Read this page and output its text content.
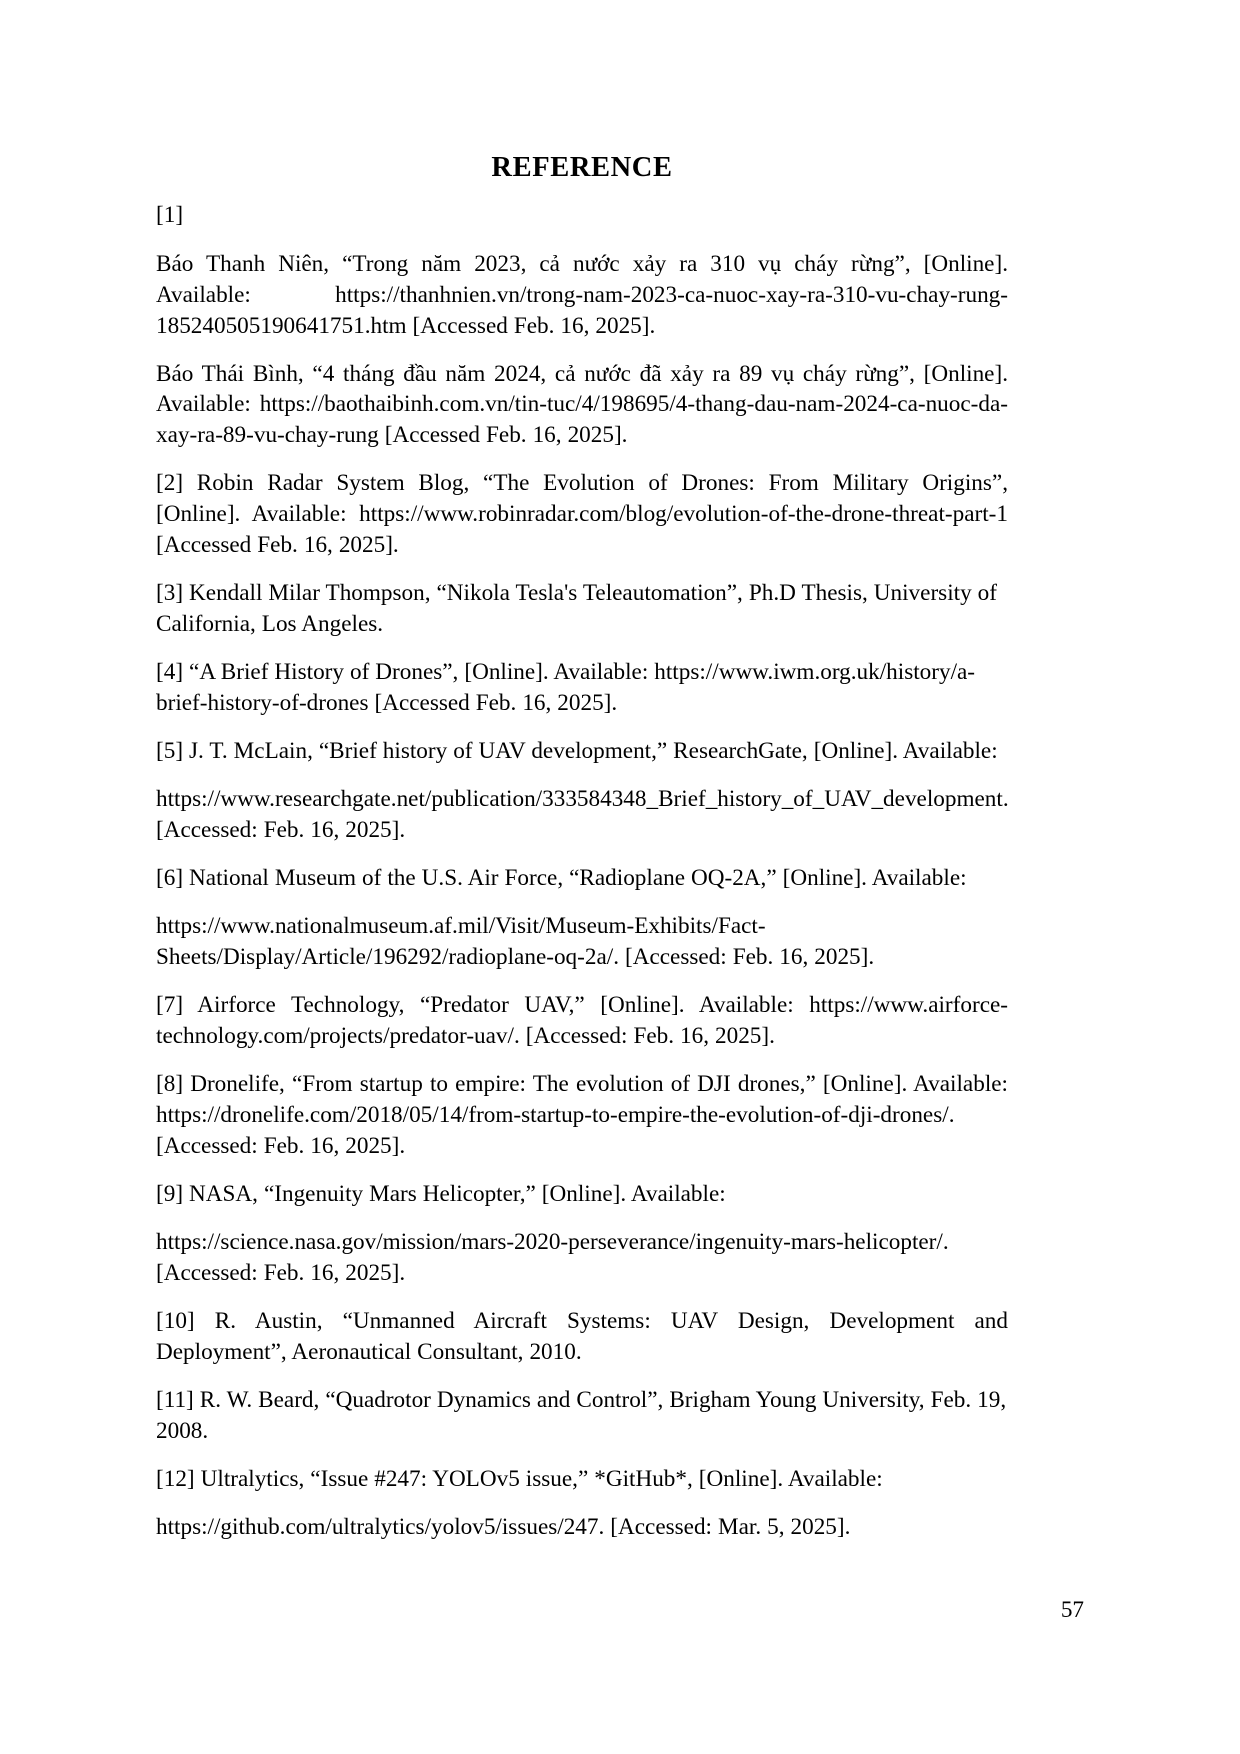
REFERENCE

[1]

Báo Thanh Niên, “Trong năm 2023, cả nước xảy ra 310 vụ cháy rừng”, [Online]. Available: https://thanhnien.vn/trong-nam-2023-ca-nuoc-xay-ra-310-vu-chay-rung-185240505190641751.htm [Accessed Feb. 16, 2025].

Báo Thái Bình, “4 tháng đầu năm 2024, cả nước đã xảy ra 89 vụ cháy rừng”, [Online]. Available: https://baothaibinh.com.vn/tin-tuc/4/198695/4-thang-dau-nam-2024-ca-nuoc-da-xay-ra-89-vu-chay-rung [Accessed Feb. 16, 2025].

[2] Robin Radar System Blog, “The Evolution of Drones: From Military Origins”, [Online]. Available: https://www.robinradar.com/blog/evolution-of-the-drone-threat-part-1 [Accessed Feb. 16, 2025].

[3] Kendall Milar Thompson, “Nikola Tesla's Teleautomation”, Ph.D Thesis, University of California, Los Angeles.

[4] “A Brief History of Drones”, [Online]. Available: https://www.iwm.org.uk/history/a-brief-history-of-drones [Accessed Feb. 16, 2025].

[5] J. T. McLain, “Brief history of UAV development,” ResearchGate, [Online]. Available:

https://www.researchgate.net/publication/333584348_Brief_history_of_UAV_development. [Accessed: Feb. 16, 2025].

[6] National Museum of the U.S. Air Force, “Radioplane OQ-2A,” [Online]. Available:

https://www.nationalmuseum.af.mil/Visit/Museum-Exhibits/Fact-Sheets/Display/Article/196292/radioplane-oq-2a/. [Accessed: Feb. 16, 2025].

[7] Airforce Technology, “Predator UAV,” [Online]. Available: https://www.airforce-technology.com/projects/predator-uav/. [Accessed: Feb. 16, 2025].

[8] Dronelife, “From startup to empire: The evolution of DJI drones,” [Online]. Available: https://dronelife.com/2018/05/14/from-startup-to-empire-the-evolution-of-dji-drones/. [Accessed: Feb. 16, 2025].

[9] NASA, “Ingenuity Mars Helicopter,” [Online]. Available:

https://science.nasa.gov/mission/mars-2020-perseverance/ingenuity-mars-helicopter/. [Accessed: Feb. 16, 2025].

[10] R. Austin, “Unmanned Aircraft Systems: UAV Design, Development and Deployment”, Aeronautical Consultant, 2010.

[11] R. W. Beard, “Quadrotor Dynamics and Control”, Brigham Young University, Feb. 19, 2008.

[12] Ultralytics, “Issue #247: YOLOv5 issue,” *GitHub*, [Online]. Available:

https://github.com/ultralytics/yolov5/issues/247. [Accessed: Mar. 5, 2025].

57
